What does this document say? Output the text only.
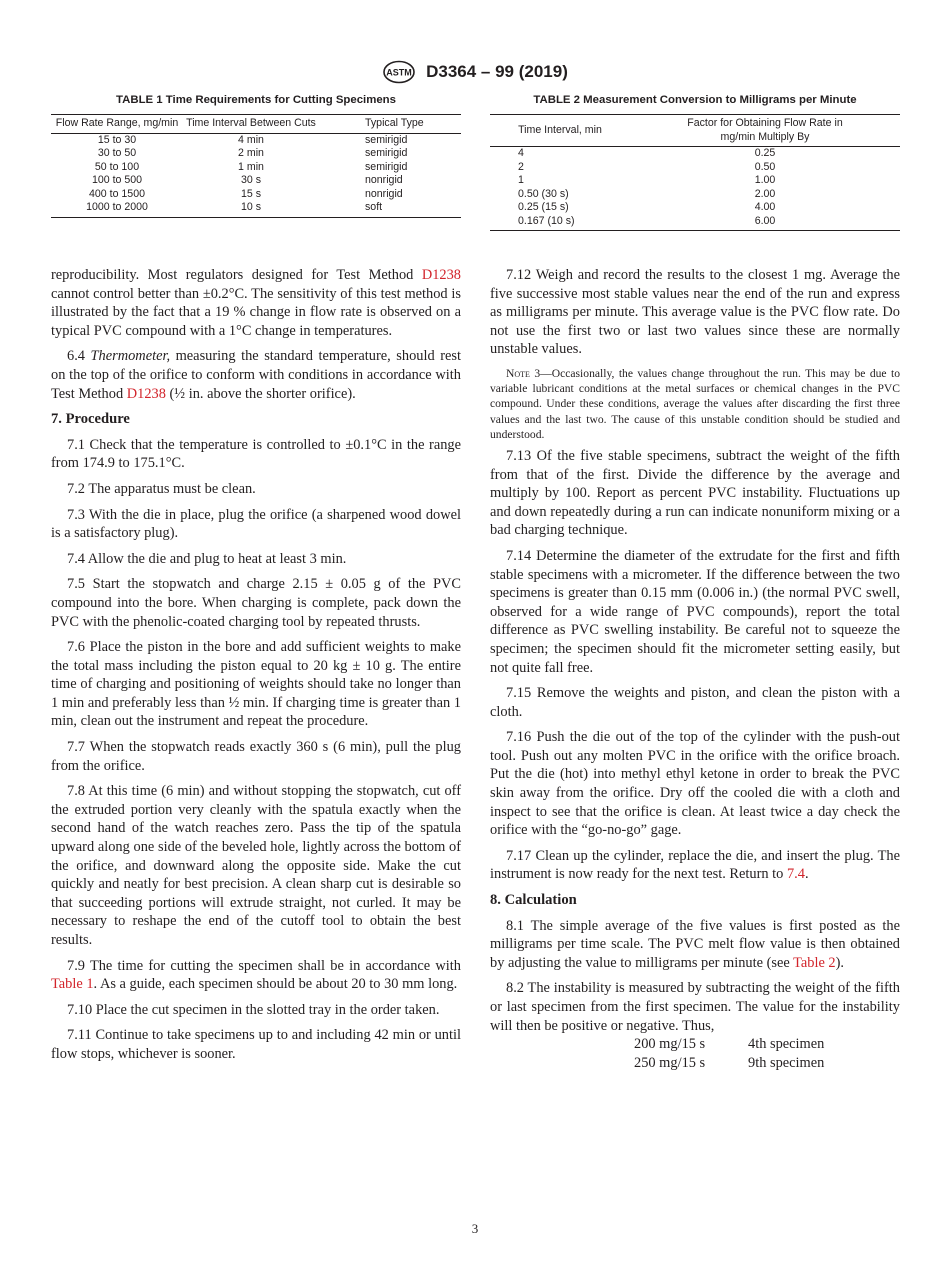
ASTM D3364 – 99 (2019)
TABLE 1 Time Requirements for Cutting Specimens
Flow Rate Range, mg/min	Time Interval Between Cuts	Typical Type
15 to 30	4 min	semirigid
30 to 50	2 min	semirigid
50 to 100	1 min	semirigid
100 to 500	30 s	nonrigid
400 to 1500	15 s	nonrigid
1000 to 2000	10 s	soft
TABLE 2 Measurement Conversion to Milligrams per Minute
Time Interval, min	Factor for Obtaining Flow Rate in mg/min Multiply By
4	0.25
2	0.50
1	1.00
0.50 (30 s)	2.00
0.25 (15 s)	4.00
0.167 (10 s)	6.00

reproducibility. Most regulators designed for Test Method D1238 cannot control better than ±0.2°C. The sensitivity of this test method is illustrated by the fact that a 19 % change in flow rate is observed on a typical PVC compound with a 1°C change in temperatures.

6.4 Thermometer, measuring the standard temperature, should rest on the top of the orifice to conform with conditions in accordance with Test Method D1238 (½ in. above the shorter orifice).

7. Procedure

7.1 Check that the temperature is controlled to ±0.1°C in the range from 174.9 to 175.1°C.

7.2 The apparatus must be clean.

7.3 With the die in place, plug the orifice (a sharpened wood dowel is a satisfactory plug).

7.4 Allow the die and plug to heat at least 3 min.

7.5 Start the stopwatch and charge 2.15 ± 0.05 g of the PVC compound into the bore. When charging is complete, pack down the PVC with the phenolic-coated charging tool by repeated thrusts.

7.6 Place the piston in the bore and add sufficient weights to make the total mass including the piston equal to 20 kg ± 10 g. The entire time of charging and positioning of weights should take no longer than 1 min and preferably less than ½ min. If charging time is greater than 1 min, clean out the instrument and repeat the procedure.

7.7 When the stopwatch reads exactly 360 s (6 min), pull the plug from the orifice.

7.8 At this time (6 min) and without stopping the stopwatch, cut off the extruded portion very cleanly with the spatula exactly when the second hand of the watch reaches zero. Pass the tip of the spatula upward along one side of the beveled hole, lightly across the bottom of the orifice, and downward along the opposite side. Make the cut quickly and neatly for best precision. A clean sharp cut is desirable so that succeeding portions will extrude straight, not curled. It may be necessary to reshape the end of the cutoff tool to obtain the best results.

7.9 The time for cutting the specimen shall be in accordance with Table 1. As a guide, each specimen should be about 20 to 30 mm long.

7.10 Place the cut specimen in the slotted tray in the order taken.

7.11 Continue to take specimens up to and including 42 min or until flow stops, whichever is sooner.

7.12 Weigh and record the results to the closest 1 mg. Average the five successive most stable values near the end of the run and express as milligrams per minute. This average value is the PVC flow rate. Do not use the first two or last two values since these are normally unstable values.

Note 3—Occasionally, the values change throughout the run. This may be due to variable lubricant conditions at the metal surfaces or chemical changes in the PVC compound. Under these conditions, average the values after discarding the first three values and the last two. The cause of this unstable condition should be studied and understood.

7.13 Of the five stable specimens, subtract the weight of the fifth from that of the first. Divide the difference by the average and multiply by 100. Report as percent PVC instability. Fluctuations up and down repeatedly during a run can indicate nonuniform mixing or a bad charging technique.

7.14 Determine the diameter of the extrudate for the first and fifth stable specimens with a micrometer. If the difference between the two specimens is greater than 0.15 mm (0.006 in.) (the normal PVC swell, observed for a wide range of PVC compounds), report the total difference as PVC swelling instability. Be careful not to squeeze the specimen; the specimen should fit the micrometer setting easily, but not quite fall free.

7.15 Remove the weights and piston, and clean the piston with a cloth.

7.16 Push the die out of the top of the cylinder with the push-out tool. Push out any molten PVC in the orifice with the orifice broach. Put the die (hot) into methyl ethyl ketone in order to break the PVC skin away from the orifice. Dry off the cooled die with a cloth and inspect to see that the orifice is clean. At least twice a day check the orifice with the “go-no-go” gage.

7.17 Clean up the cylinder, replace the die, and insert the plug. The instrument is now ready for the next test. Return to 7.4.

8. Calculation

8.1 The simple average of the five values is first posted as the milligrams per time scale. The PVC melt flow value is then obtained by adjusting the value to milligrams per minute (see Table 2).

8.2 The instability is measured by subtracting the weight of the fifth or last specimen from the first specimen. The value for the instability will then be positive or negative. Thus,

200 mg/15 s	4th specimen
250 mg/15 s	9th specimen
3
